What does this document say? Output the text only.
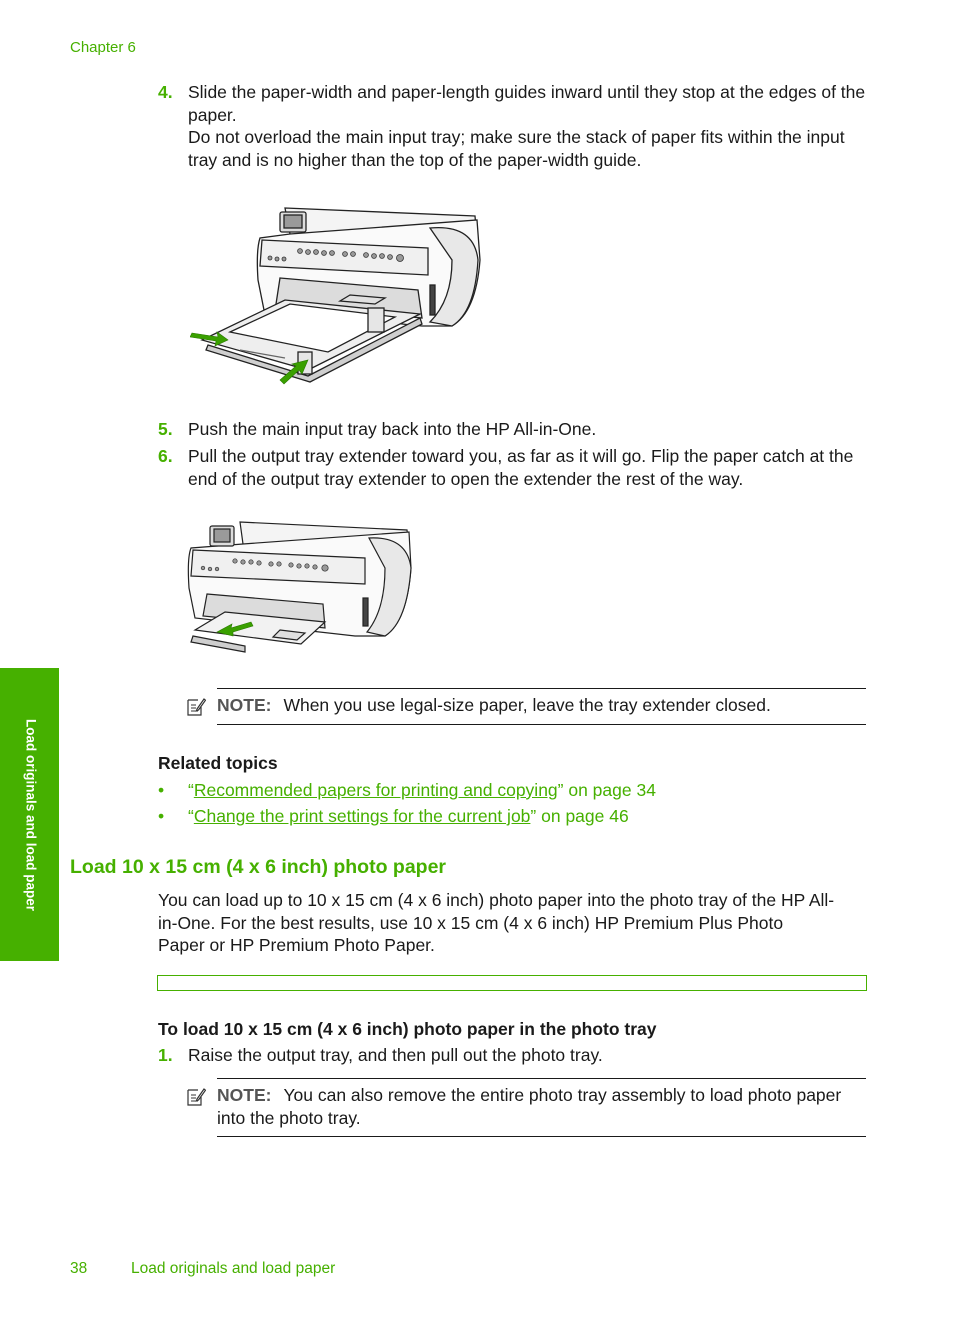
Chapter 6
4. Slide the paper-width and paper-length guides inward until they stop at the edges of the paper.

Do not overload the main input tray; make sure the stack of paper fits within the input tray and is no higher than the top of the paper-width guide.

5. Push the main input tray back into the HP All-in-One.

6. Pull the output tray extender toward you, as far as it will go. Flip the paper catch at the end of the output tray extender to open the extender the rest of the way.

NOTE: When you use legal-size paper, leave the tray extender closed.
Related topics
• “Recommended papers for printing and copying” on page 34
• “Change the print settings for the current job” on page 46
Load 10 x 15 cm (4 x 6 inch) photo paper

You can load up to 10 x 15 cm (4 x 6 inch) photo paper into the photo tray of the HP All-

in-One. For the best results, use 10 x 15 cm (4 x 6 inch) HP Premium Plus Photo

Paper or HP Premium Photo Paper.

To load 10 x 15 cm (4 x 6 inch) photo paper in the photo tray
1. Raise the output tray, and then pull out the photo tray.

NOTE: You can also remove the entire photo tray assembly to load photo paper
into the photo tray.
Load originals and load paper
38	Load originals and load paper
